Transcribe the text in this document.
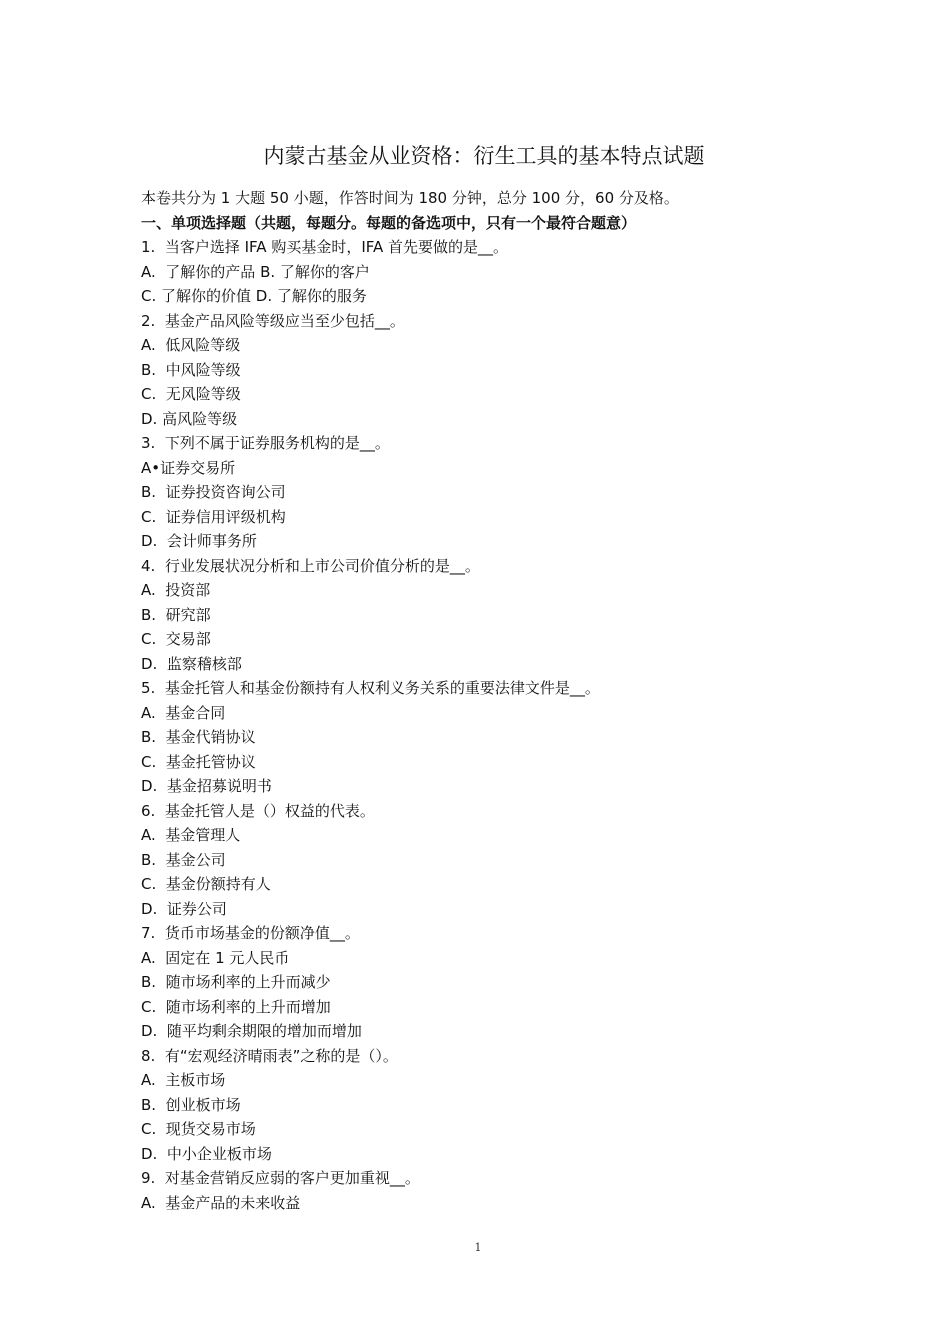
内蒙古基金从业资格：衍生工具的基本特点试题
本卷共分为 1 大题 50 小题，作答时间为 180 分钟，总分 100 分，60 分及格。
一、单项选择题（共题，每题分。每题的备选项中，只有一个最符合题意）
1.  当客户选择 IFA 购买基金时，IFA 首先要做的是__。
A.  了解你的产品 B. 了解你的客户
C. 了解你的价值 D. 了解你的服务
2.  基金产品风险等级应当至少包括__。
A.  低风险等级
B.  中风险等级
C.  无风险等级
D. 高风险等级
3.  下列不属于证券服务机构的是__。
A•证券交易所
B.  证券投资咨询公司
C.  证券信用评级机构
D.  会计师事务所
4.  行业发展状况分析和上市公司价值分析的是__。
A.  投资部
B.  研究部
C.  交易部
D.  监察稽核部
5.  基金托管人和基金份额持有人权利义务关系的重要法律文件是__。
A.  基金合同
B.  基金代销协议
C.  基金托管协议
D.  基金招募说明书
6.  基金托管人是（）权益的代表。
A.  基金管理人
B.  基金公司
C.  基金份额持有人
D.  证券公司
7.  货币市场基金的份额净值__。
A.  固定在 1 元人民币
B.  随市场利率的上升而减少
C.  随市场利率的上升而增加
D.  随平均剩余期限的增加而增加
8.  有“宏观经济晴雨表”之称的是（）。
A.  主板市场
B.  创业板市场
C.  现货交易市场
D.  中小企业板市场
9.  对基金营销反应弱的客户更加重视__。
A.  基金产品的未来收益
1
